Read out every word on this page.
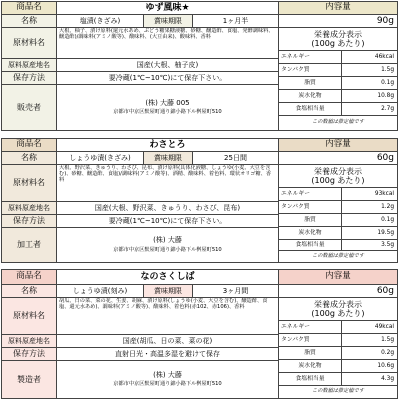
商品名	ゆず風味★	内容量
名称	塩漬(きざみ)	賞味期限	1ヶ月半	90g
原材料名
大根、柚子、漬け原料(還元水あめ、ぶどう糖果糖液糖、砂糖、醸造酢、食塩、発酵調味料、醸造酢)/調味料(アミノ酸等)、酸味料、(大豆由来)、酸味料、香料
原料原産地名	国産(大根、柚子皮)
保存方法	要冷蔵(1℃~10℃)にて保存下さい。
販売者	(株) 大藤 005
京都市中京区麩屋町通り錦小路下ル桝屋町510
栄養成分表示
(100g あたり)
エネルギー	46kcal
タンパク質	1.5g
脂質	0.1g
炭水化物	10.8g
食塩相当量	2.7g
この数値は推定値です
商品名	わさとろ	内容量
名称	しょうゆ漬(きざみ)	賞味期限	25日間	60g
原材料名
大根、野沢菜、きゅうり、わさび、昆布、漬け原料(具体化液糖、しょうゆ(小麦、大豆を含む)、砂糖、醸造酢、食塩)/調味料(アミノ酸等)、酒精、酸味料、着色料、環状オリゴ糖、香料
原料原産地名	国産(大根、野沢菜、きゅうり、わさび、昆布)
保存方法	要冷蔵(1℃~10℃)にて保存下さい。
加工者	(株) 大藤
京都市中京区麩屋町通り錦小路下ル桝屋町510
栄養成分表示
(100g あたり)
エネルギー	93kcal
タンパク質	1.2g
脂質	0.1g
炭水化物	19.5g
食塩相当量	3.5g
この数値は推定値です
商品名	なのさくしば	内容量
名称	しょうゆ漬(刻み)	賞味期限	3ヶ月間	60g
原材料名
胡瓜、日の菜、菜の花、生姜、胡麻、漬け原料(しょうゆ(小麦、大豆を含む)、醸造酢、食塩、還元水あめ)、調味料(アミノ酸等)、酸味料、着色料(赤102、赤106)、香料
原料原産地名	国産(胡瓜、日の菜、菜の花)
保存方法	直射日光・高温多湿を避けて保存
製造者	(株) 大藤
京都市中京区麩屋町通り錦小路下ル桝屋町510
栄養成分表示
(100g あたり)
エネルギー	49kcal
タンパク質	1.5g
脂質	0.2g
炭水化物	10.6g
食塩相当量	4.3g
この数値は推定値です
